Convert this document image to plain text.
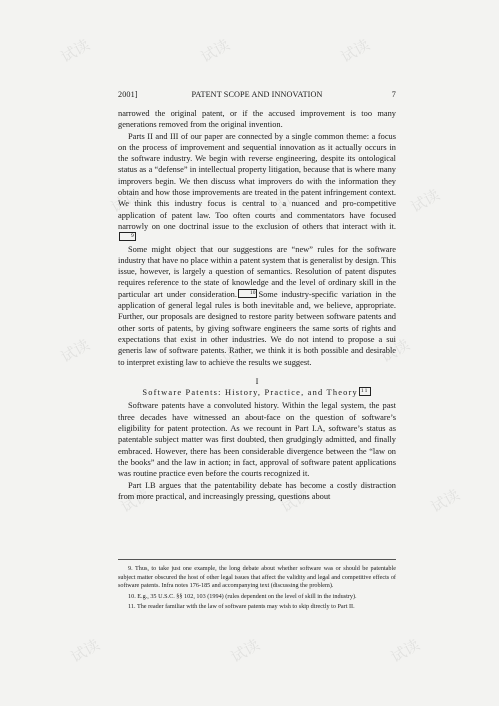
试读	试读	试读
试读	试读	试读
试读	试读	试读
试读	试读	试读
试读	试读	试读
2001]	PATENT SCOPE AND INNOVATION	7

narrowed the original patent, or if the accused improvement is too many generations removed from the original invention.

Parts II and III of our paper are connected by a single common theme: a focus on the process of improvement and sequential innovation as it actually occurs in the software industry. We begin with reverse engineering, despite its ontological status as a “defense” in intellectual property litigation, because that is where many improvers begin. We then discuss what improvers do with the information they obtain and how those improvements are treated in the patent infringement context. We think this industry focus is central to a nuanced and pro-competitive application of patent law. Too often courts and commentators have focused narrowly on one doctrinal issue to the exclusion of others that interact with it.9

Some might object that our suggestions are “new” rules for the software industry that have no place within a patent system that is generalist by design. This issue, however, is largely a question of semantics. Resolution of patent disputes requires reference to the state of knowledge and the level of ordinary skill in the particular art under consideration. 10 Some industry-specific variation in the application of general legal rules is both inevitable and, we believe, appropriate. Further, our proposals are designed to restore parity between software patents and other sorts of patents, by giving software engineers the same sorts of rights and expectations that exist in other industries. We do not intend to propose a sui generis law of software patents. Rather, we think it is both possible and desirable to interpret existing law to achieve the results we suggest.

I
Software Patents: History, Practice, and Theory 11

Software patents have a convoluted history. Within the legal system, the past three decades have witnessed an about-face on the question of software’s eligibility for patent protection. As we recount in Part I.A, software’s status as patentable subject matter was first doubted, then grudgingly admitted, and finally embraced. However, there has been considerable divergence between the “law on the books” and the law in action; in fact, approval of software patent applications was routine practice even before the courts recognized it.

Part I.B argues that the patentability debate has become a costly distraction from more practical, and increasingly pressing, questions about

9. Thus, to take just one example, the long debate about whether software was or should be patentable subject matter obscured the host of other legal issues that affect the validity and legal and competitive effects of software patents. Infra notes 176-185 and accompanying text (discussing the problem).

10. E.g., 35 U.S.C. §§ 102, 103 (1994) (rules dependent on the level of skill in the industry).

11. The reader familiar with the law of software patents may wish to skip directly to Part II.
